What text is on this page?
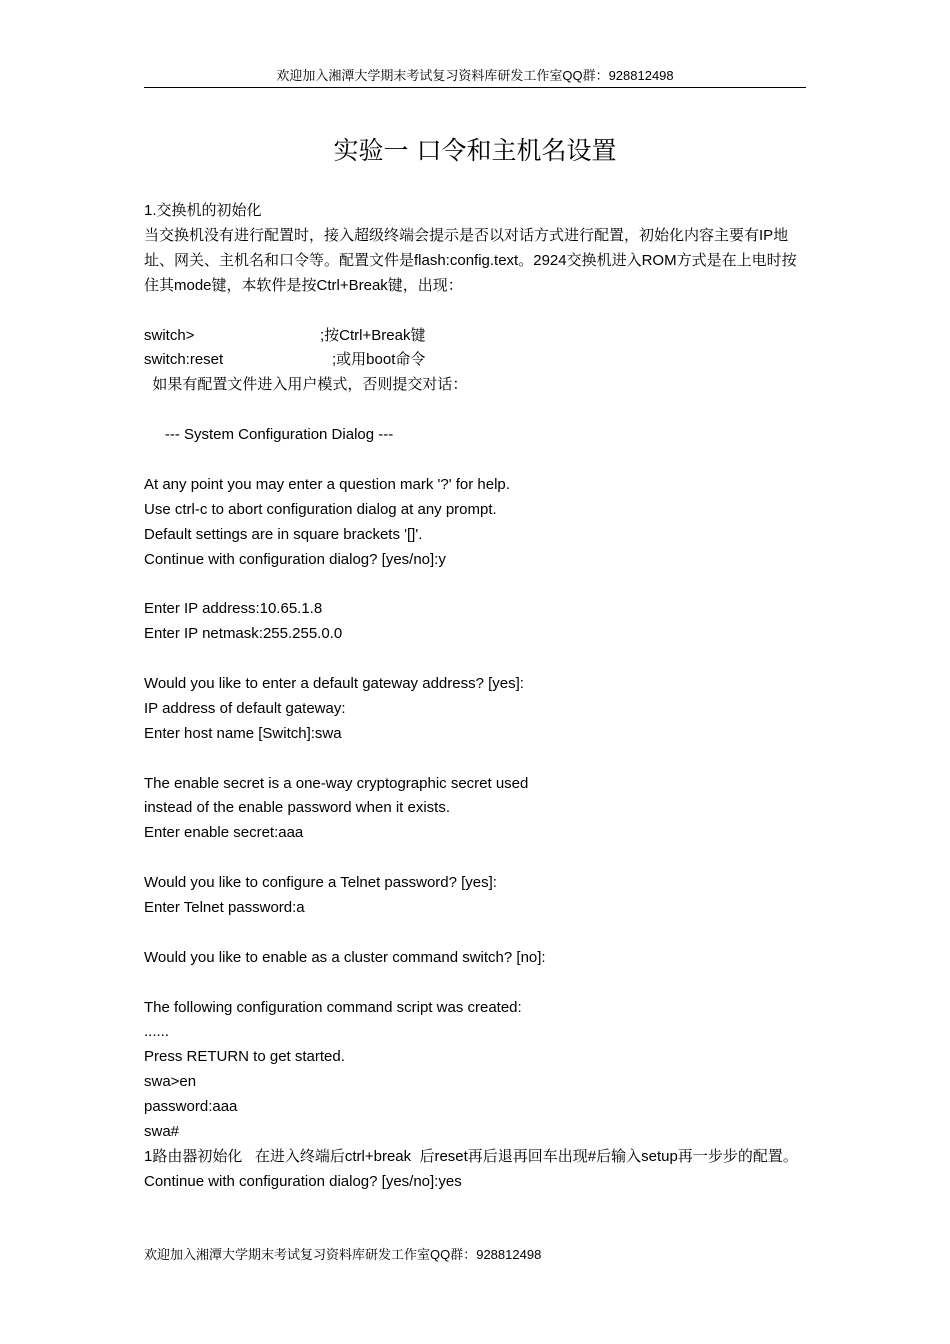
欢迎加入湘潭大学期末考试复习资料库研发工作室QQ群：928812498
实验一 口令和主机名设置
1.交换机的初始化
当交换机没有进行配置时，接入超级终端会提示是否以对话方式进行配置，初始化内容主要有IP地址、网关、主机名和口令等。配置文件是flash:config.text。2924交换机进入ROM方式是在上电时按住其mode键，本软件是按Ctrl+Break键，出现：
switch>	;按Ctrl+Break键
switch:reset	;或用boot命令
如果有配置文件进入用户模式，否则提交对话：
--- System Configuration Dialog ---
At any point you may enter a question mark '?' for help.
Use ctrl-c to abort configuration dialog at any prompt.
Default settings are in square brackets '[]'.
Continue with configuration dialog? [yes/no]:y
Enter IP address:10.65.1.8
Enter IP netmask:255.255.0.0
Would you like to enter a default gateway address? [yes]:
IP address of default gateway:
Enter host name [Switch]:swa
The enable secret is a one-way cryptographic secret used
instead of the enable password when it exists.
Enter enable secret:aaa
Would you like to configure a Telnet password? [yes]:
Enter Telnet password:a
Would you like to enable as a cluster command switch? [no]:
The following configuration command script was created:
......
Press RETURN to get started.
swa>en
password:aaa
swa#
1路由器初始化   在进入终端后ctrl+break  后reset再后退再回车出现#后输入setup再一步步的配置。
Continue with configuration dialog? [yes/no]:yes
欢迎加入湘潭大学期末考试复习资料库研发工作室QQ群：928812498
